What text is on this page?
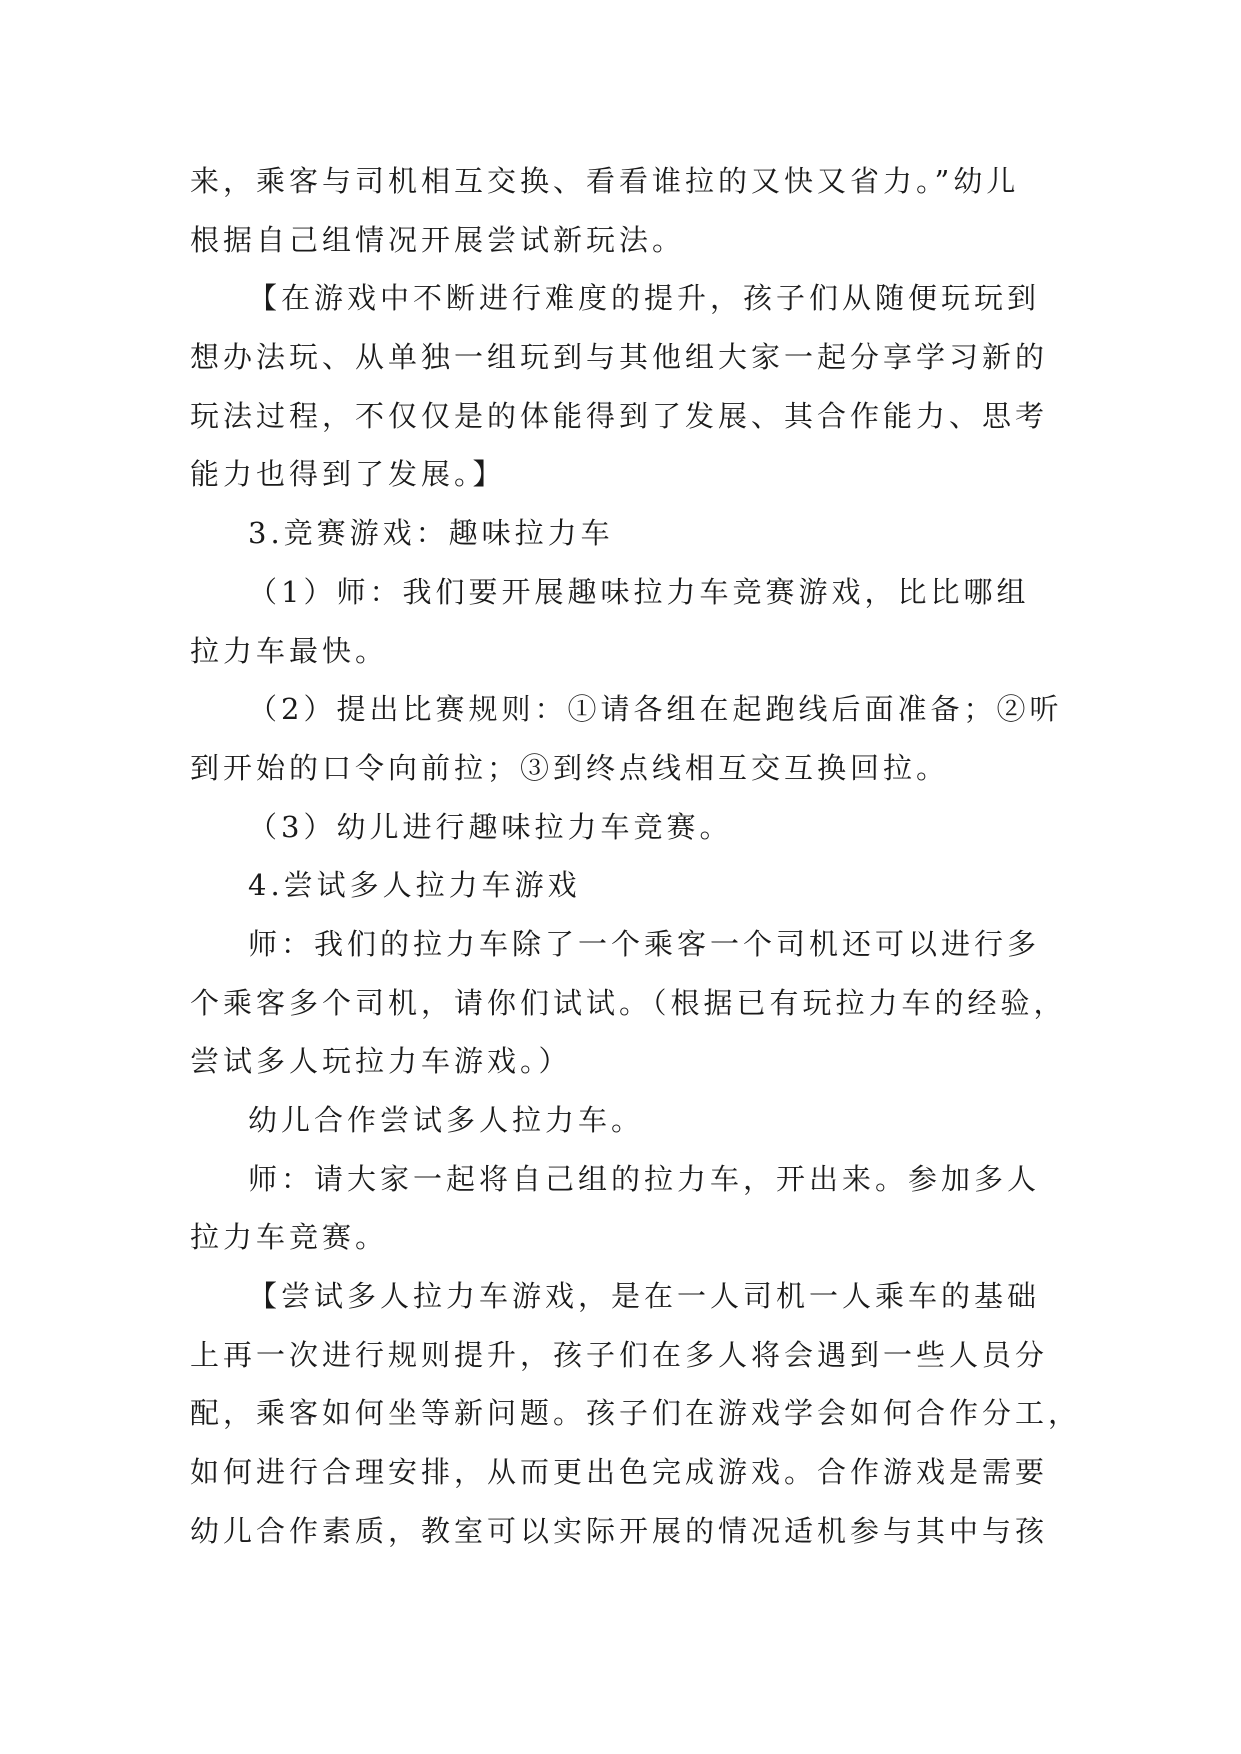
来，乘客与司机相互交换、看看谁拉的又快又省力。”幼儿
根据自己组情况开展尝试新玩法。
【在游戏中不断进行难度的提升，孩子们从随便玩玩到
想办法玩、从单独一组玩到与其他组大家一起分享学习新的
玩法过程，不仅仅是的体能得到了发展、其合作能力、思考
能力也得到了发展。】
3.竞赛游戏：趣味拉力车
（1）师：我们要开展趣味拉力车竞赛游戏，比比哪组
拉力车最快。
（2）提出比赛规则：①请各组在起跑线后面准备；②听
到开始的口令向前拉；③到终点线相互交互换回拉。
（3）幼儿进行趣味拉力车竞赛。
4.尝试多人拉力车游戏
师：我们的拉力车除了一个乘客一个司机还可以进行多
个乘客多个司机，请你们试试。（根据已有玩拉力车的经验，
尝试多人玩拉力车游戏。）
幼儿合作尝试多人拉力车。
师：请大家一起将自己组的拉力车，开出来。参加多人
拉力车竞赛。
【尝试多人拉力车游戏，是在一人司机一人乘车的基础
上再一次进行规则提升，孩子们在多人将会遇到一些人员分
配，乘客如何坐等新问题。孩子们在游戏学会如何合作分工，
如何进行合理安排，从而更出色完成游戏。合作游戏是需要
幼儿合作素质，教室可以实际开展的情况适机参与其中与孩
